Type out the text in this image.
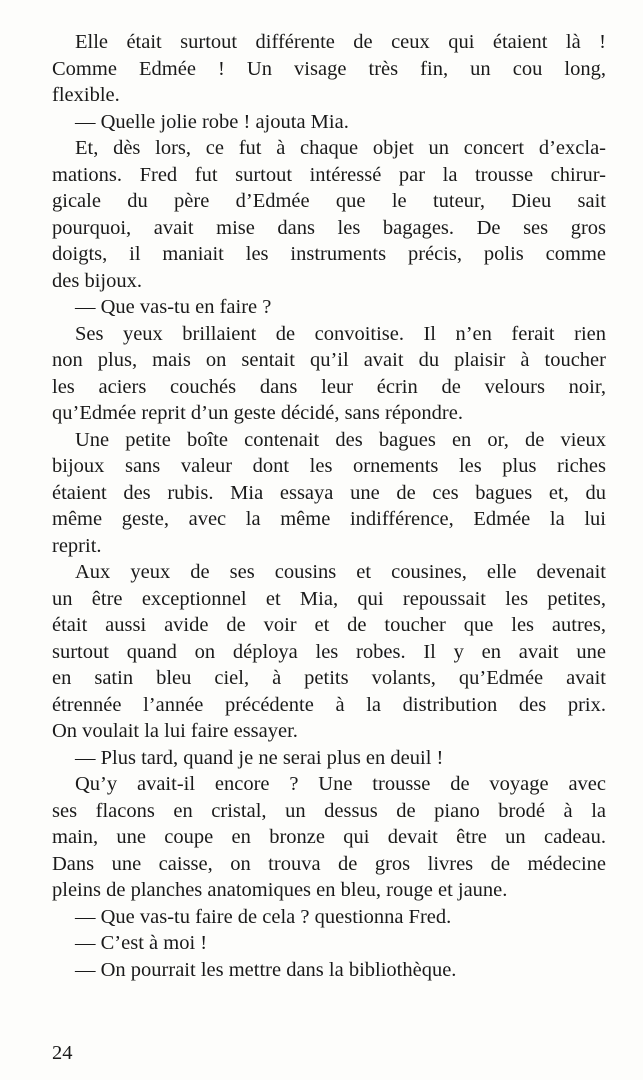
Elle était surtout différente de ceux qui étaient là !
Comme Edmée ! Un visage très fin, un cou long,
flexible.
— Quelle jolie robe ! ajouta Mia.
Et, dès lors, ce fut à chaque objet un concert d’excla-
mations. Fred fut surtout intéressé par la trousse chirur-
gicale du père d’Edmée que le tuteur, Dieu sait
pourquoi, avait mise dans les bagages. De ses gros
doigts, il maniait les instruments précis, polis comme
des bijoux.
— Que vas-tu en faire ?
Ses yeux brillaient de convoitise. Il n’en ferait rien
non plus, mais on sentait qu’il avait du plaisir à toucher
les aciers couchés dans leur écrin de velours noir,
qu’Edmée reprit d’un geste décidé, sans répondre.
Une petite boîte contenait des bagues en or, de vieux
bijoux sans valeur dont les ornements les plus riches
étaient des rubis. Mia essaya une de ces bagues et, du
même geste, avec la même indifférence, Edmée la lui
reprit.
Aux yeux de ses cousins et cousines, elle devenait
un être exceptionnel et Mia, qui repoussait les petites,
était aussi avide de voir et de toucher que les autres,
surtout quand on déploya les robes. Il y en avait une
en satin bleu ciel, à petits volants, qu’Edmée avait
étrennée l’année précédente à la distribution des prix.
On voulait la lui faire essayer.
— Plus tard, quand je ne serai plus en deuil !
Qu’y avait-il encore ? Une trousse de voyage avec
ses flacons en cristal, un dessus de piano brodé à la
main, une coupe en bronze qui devait être un cadeau.
Dans une caisse, on trouva de gros livres de médecine
pleins de planches anatomiques en bleu, rouge et jaune.
— Que vas-tu faire de cela ? questionna Fred.
— C’est à moi !
— On pourrait les mettre dans la bibliothèque.
24
